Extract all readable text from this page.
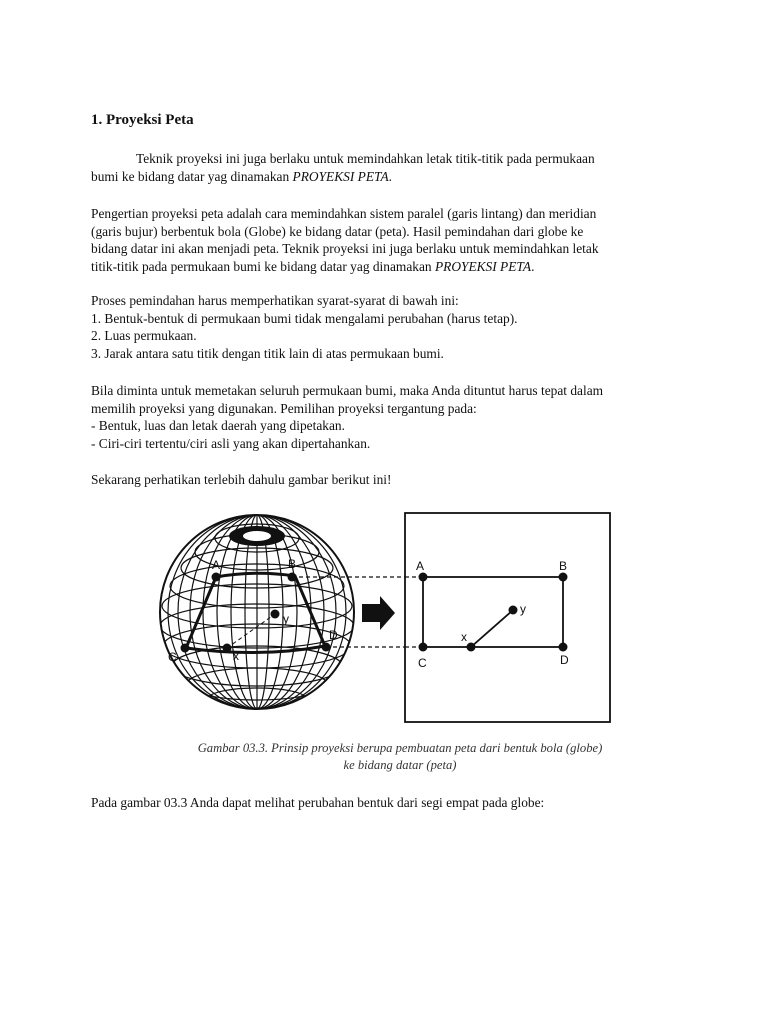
1. Proyeksi Peta

Teknik proyeksi ini juga berlaku untuk memindahkan letak titik-titik pada permukaan
bumi ke bidang datar yag dinamakan PROYEKSI PETA.

Pengertian proyeksi peta adalah cara memindahkan sistem paralel (garis lintang) dan meridian
(garis bujur) berbentuk bola (Globe) ke bidang datar (peta). Hasil pemindahan dari globe ke
bidang datar ini akan menjadi peta. Teknik proyeksi ini juga berlaku untuk memindahkan letak
titik-titik pada permukaan bumi ke bidang datar yag dinamakan PROYEKSI PETA.

Proses pemindahan harus memperhatikan syarat-syarat di bawah ini:
1. Bentuk-bentuk di permukaan bumi tidak mengalami perubahan (harus tetap).
2. Luas permukaan.
3. Jarak antara satu titik dengan titik lain di atas permukaan bumi.

Bila diminta untuk memetakan seluruh permukaan bumi, maka Anda dituntut harus tepat dalam
memilih proyeksi yang digunakan. Pemilihan proyeksi tergantung pada:
- Bentuk, luas dan letak daerah yang dipetakan.
- Ciri-ciri tertentu/ciri asli yang akan dipertahankan.

Sekarang perhatikan terlebih dahulu gambar berikut ini!

A	B
C
D
x
y
A	B
C	D
x
y
Gambar 03.3. Prinsip proyeksi berupa pembuatan peta dari bentuk bola (globe)
ke bidang datar (peta)

Pada gambar 03.3 Anda dapat melihat perubahan bentuk dari segi empat pada globe:
